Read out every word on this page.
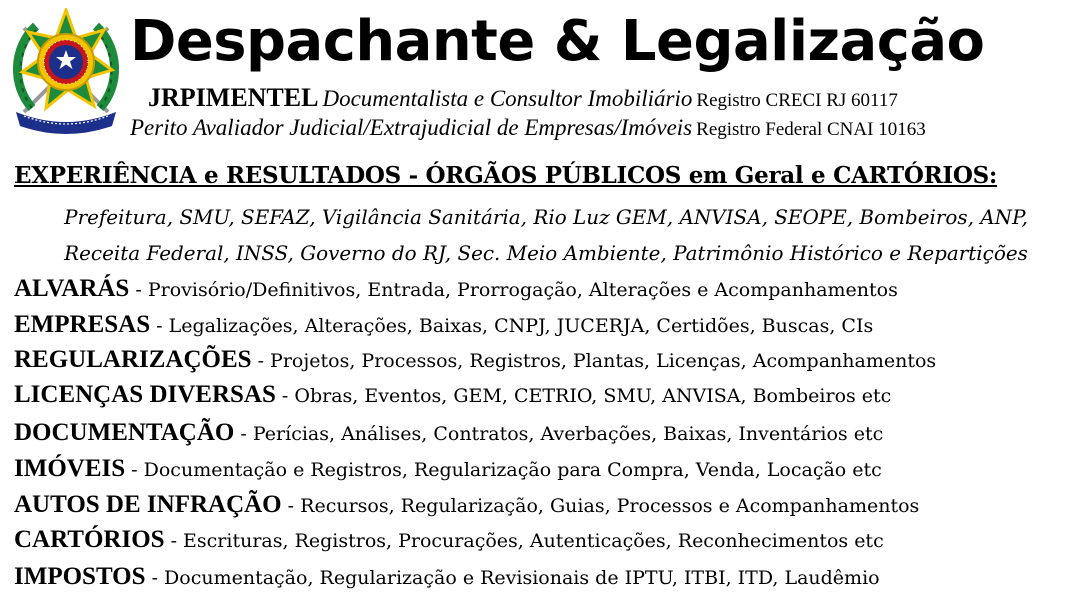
Despachante & Legalização
JRPIMENTEL Documentalista e Consultor Imobiliário Registro CRECI RJ 60117
Perito Avaliador Judicial/Extrajudicial de Empresas/Imóveis Registro Federal CNAI 10163
EXPERIÊNCIA e RESULTADOS - ÓRGÃOS PÚBLICOS em Geral e CARTÓRIOS:
Prefeitura, SMU, SEFAZ, Vigilância Sanitária, Rio Luz GEM, ANVISA, SEOPE, Bombeiros, ANP,
Receita Federal, INSS, Governo do RJ, Sec. Meio Ambiente, Patrimônio Histórico e Repartições
ALVARÁS - Provisório/Definitivos, Entrada, Prorrogação, Alterações e Acompanhamentos
EMPRESAS - Legalizações, Alterações, Baixas, CNPJ, JUCERJA, Certidões, Buscas, CIs
REGULARIZAÇÕES - Projetos, Processos, Registros, Plantas, Licenças, Acompanhamentos
LICENÇAS DIVERSAS - Obras, Eventos, GEM, CETRIO, SMU, ANVISA, Bombeiros etc
DOCUMENTAÇÃO - Perícias, Análises, Contratos, Averbações, Baixas, Inventários etc
IMÓVEIS - Documentação e Registros, Regularização para Compra, Venda, Locação etc
AUTOS DE INFRAÇÃO - Recursos, Regularização, Guias, Processos e Acompanhamentos
CARTÓRIOS - Escrituras, Registros, Procurações, Autenticações, Reconhecimentos etc
IMPOSTOS - Documentação, Regularização e Revisionais de IPTU, ITBI, ITD, Laudêmio
